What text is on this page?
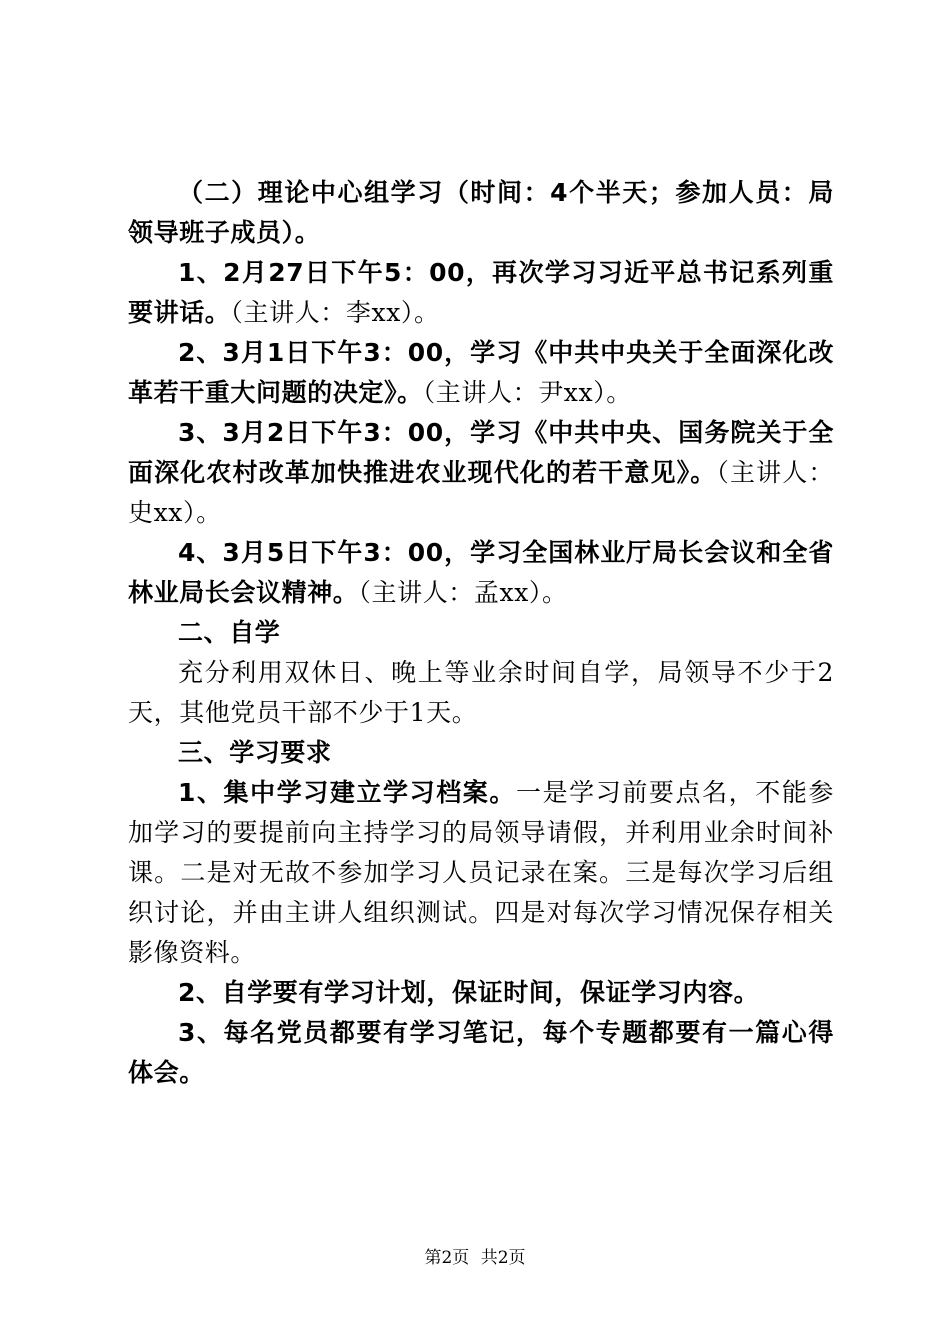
（二）理论中心组学习（时间：4个半天；参加人员：局领导班子成员）。

1、2月27日下午5：00，再次学习习近平总书记系列重要讲话。（主讲人：李xx）。

2、3月1日下午3：00，学习《中共中央关于全面深化改革若干重大问题的决定》。（主讲人：尹xx）。

3、3月2日下午3：00，学习《中共中央、国务院关于全面深化农村改革加快推进农业现代化的若干意见》。（主讲人：史xx）。

4、3月5日下午3：00，学习全国林业厅局长会议和全省林业局长会议精神。（主讲人：孟xx）。

二、自学

充分利用双休日、晚上等业余时间自学，局领导不少于2天，其他党员干部不少于1天。

三、学习要求

1、集中学习建立学习档案。一是学习前要点名，不能参加学习的要提前向主持学习的局领导请假，并利用业余时间补课。二是对无故不参加学习人员记录在案。三是每次学习后组织讨论，并由主讲人组织测试。四是对每次学习情况保存相关影像资料。

2、自学要有学习计划，保证时间，保证学习内容。

3、每名党员都要有学习笔记，每个专题都要有一篇心得体会。

第2页 共2页
